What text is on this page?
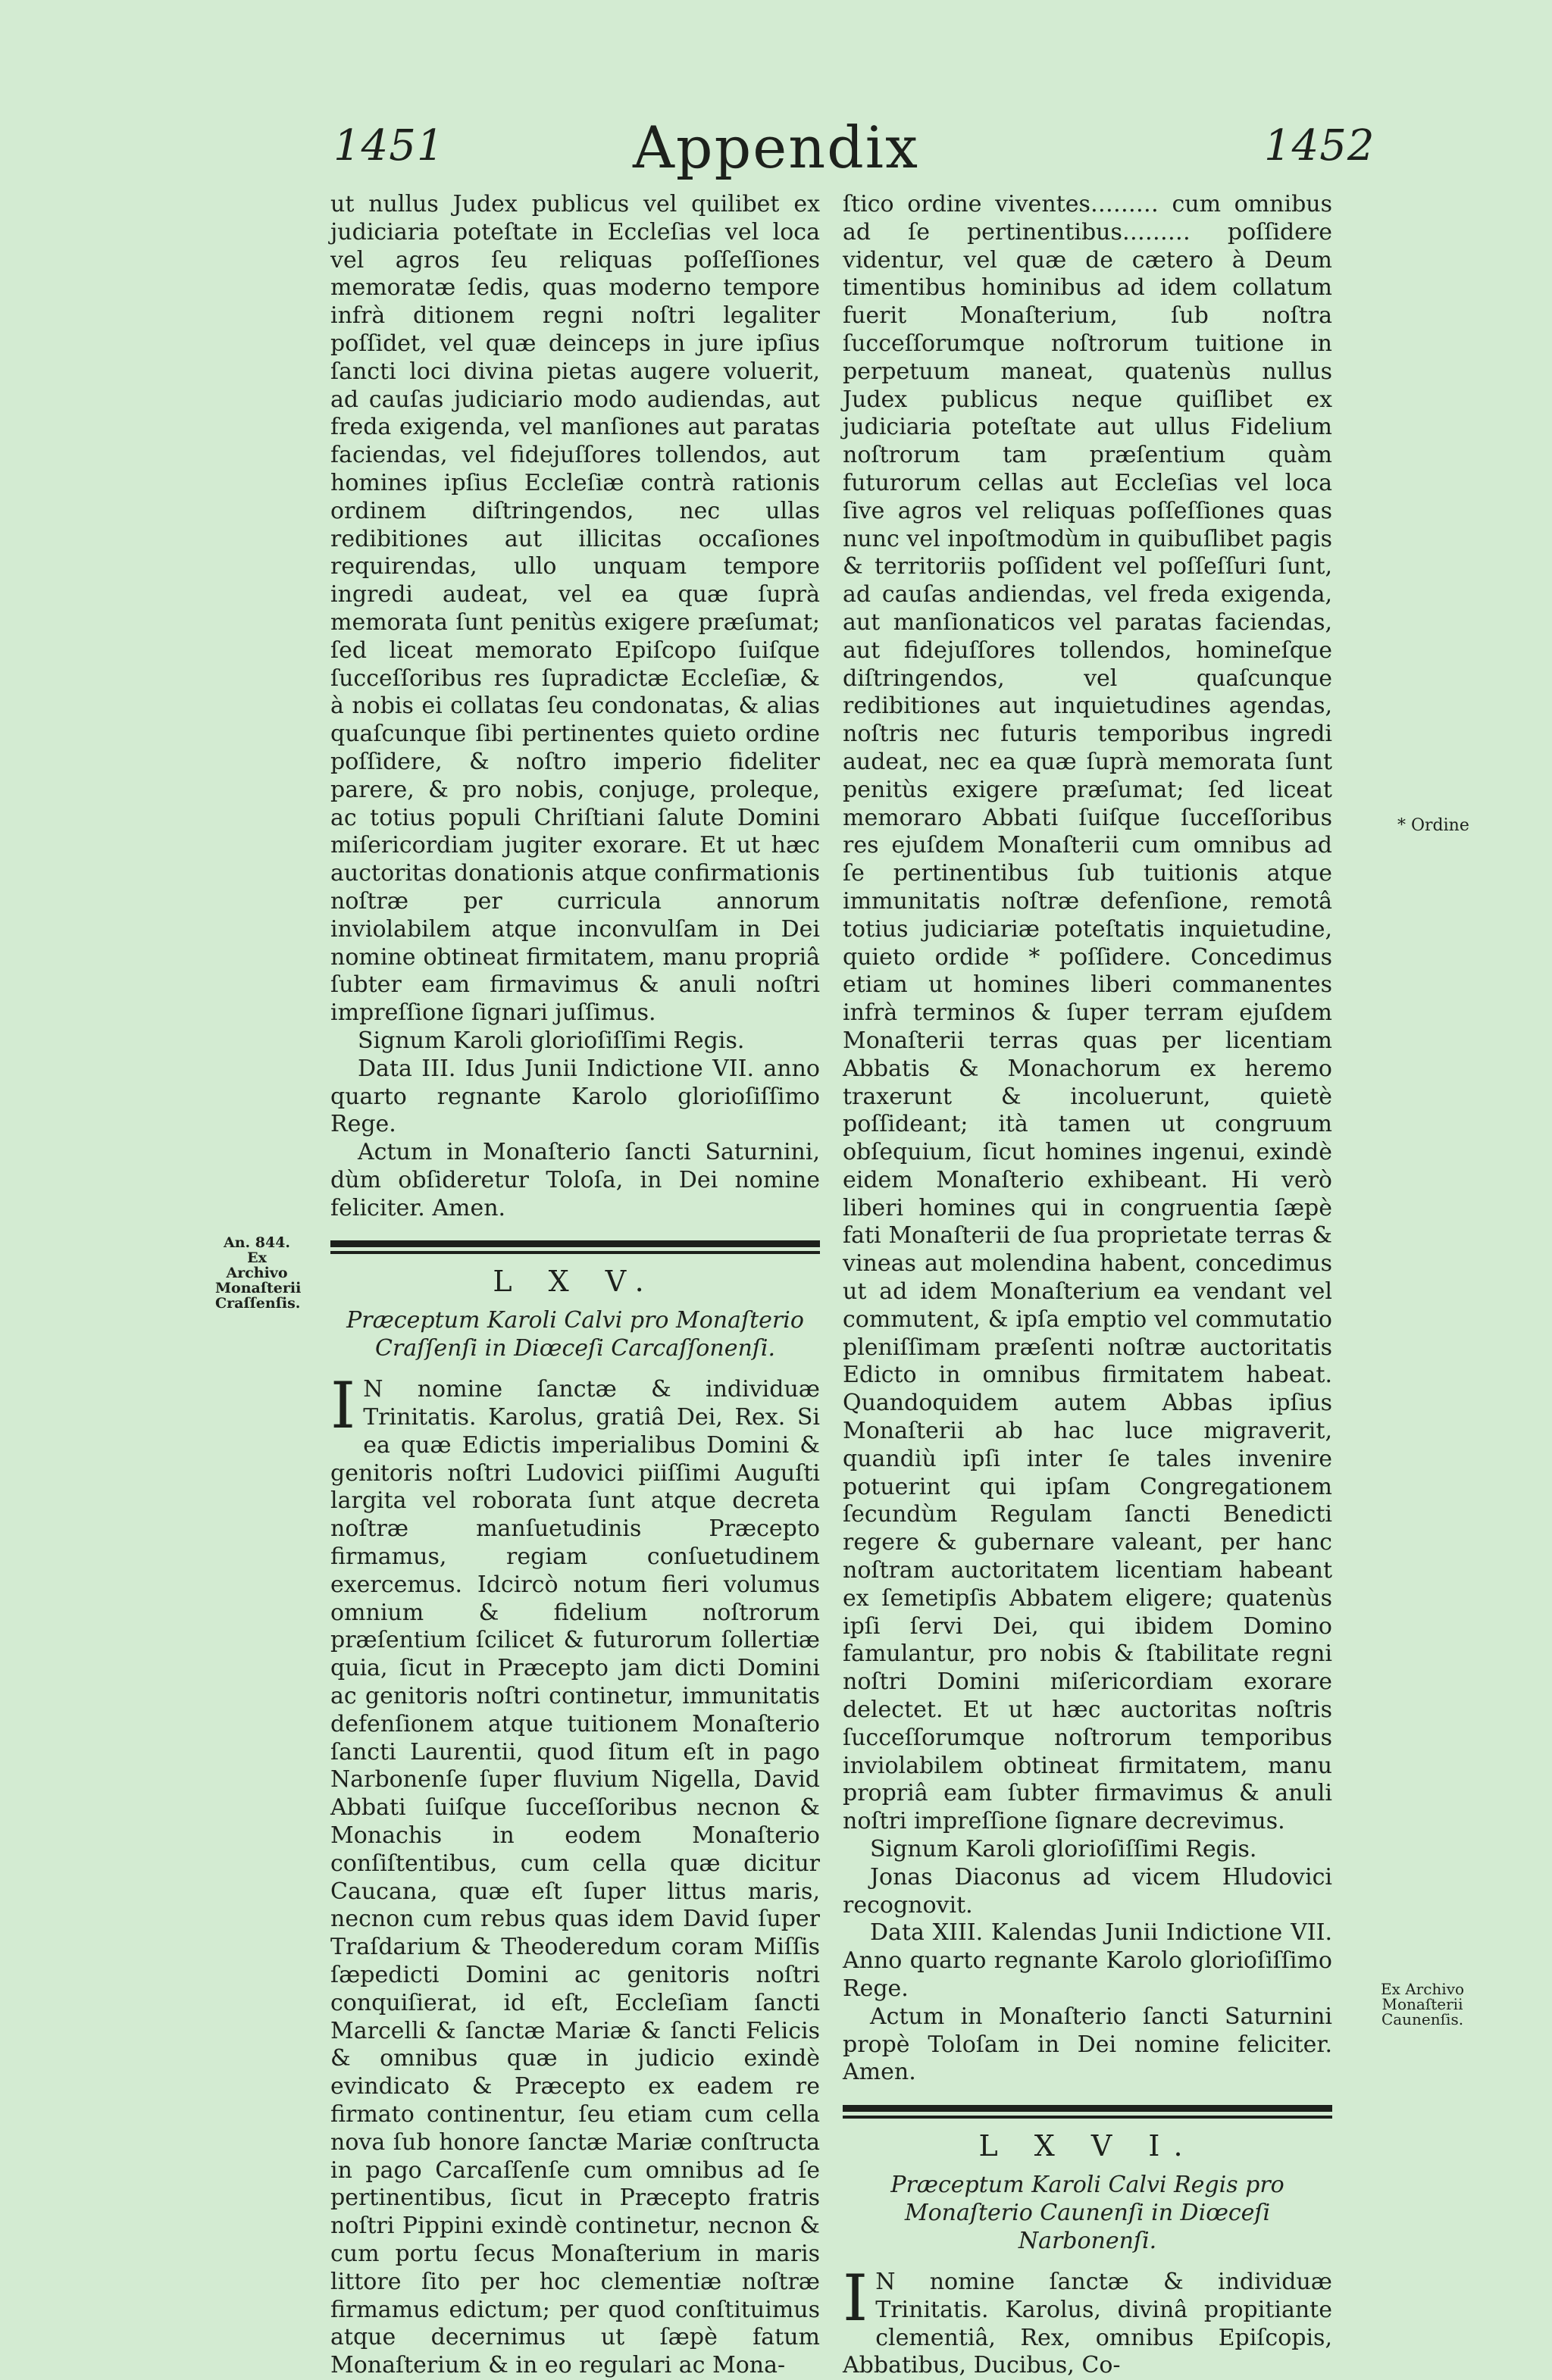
1451	Appendix	1452

ut nullus Judex publicus vel quilibet ex judiciaria poteſtate in Eccleſias vel loca vel agros ſeu reliquas poſſeſſiones memoratæ ſedis, quas moderno tempore infrà ditionem regni noſtri legaliter poſſidet, vel quæ deinceps in jure ipſius ſancti loci divina pietas augere voluerit, ad cauſas judiciario modo audiendas, aut freda exigenda, vel manſiones aut paratas faciendas, vel fidejuſſores tollendos, aut homines ipſius Eccleſiæ contrà rationis ordinem diſtringendos, nec ullas redibitiones aut illicitas occaſiones requirendas, ullo unquam tempore ingredi audeat, vel ea quæ ſuprà memorata ſunt penitùs exigere præſumat; ſed liceat memorato Epiſcopo ſuiſque ſucceſſoribus res ſupradictæ Eccleſiæ, & à nobis ei collatas ſeu condonatas, & alias quaſcunque ſibi pertinentes quieto ordine poſſidere, & noſtro imperio fideliter parere, & pro nobis, conjuge, proleque, ac totius populi Chriſtiani ſalute Domini miſericordiam jugiter exorare. Et ut hæc auctoritas donationis atque confirmationis noſtræ per curricula annorum inviolabilem atque inconvulſam in Dei nomine obtineat firmitatem, manu propriâ ſubter eam firmavimus & anuli noſtri impreſſione ſignari juſſimus.

Signum Karoli glorioſiſſimi Regis.

Data III. Idus Junii Indictione VII. anno quarto regnante Karolo glorioſiſſimo Rege.

Actum in Monaſterio ſancti Saturnini, dùm obſideretur Toloſa, in Dei nomine feliciter. Amen.

L X V.
Præceptum Karoli Calvi pro Monaſterio Craſſenſi in Diœceſi Carcaſſonenſi.

I N nomine ſanctæ & individuæ Trinitatis. Karolus, gratiâ Dei, Rex. Si ea quæ Edictis imperialibus Domini & genitoris noſtri Ludovici piiſſimi Auguſti largita vel roborata ſunt atque decreta noſtræ manſuetudinis Præcepto firmamus, regiam conſuetudinem exercemus. Idcircò notum fieri volumus omnium & fidelium noſtrorum præſentium ſcilicet & futurorum ſollertiæ quia, ſicut in Præcepto jam dicti Domini ac genitoris noſtri continetur, immunitatis defenſionem atque tuitionem Monaſterio ſancti Laurentii, quod ſitum eſt in pago Narbonenſe ſuper fluvium Nigella, David Abbati ſuiſque ſucceſſoribus necnon & Monachis in eodem Monaſterio conſiſtentibus, cum cella quæ dicitur Caucana, quæ eſt ſuper littus maris, necnon cum rebus quas idem David ſuper Traſdarium & Theoderedum coram Miſſis ſæpedicti Domini ac genitoris noſtri conquiſierat, id eſt, Eccleſiam ſancti Marcelli & ſanctæ Mariæ & ſancti Felicis & omnibus quæ in judicio exindè evindicato & Præcepto ex eadem re firmato continentur, ſeu etiam cum cella nova ſub honore ſanctæ Mariæ conſtructa in pago Carcaſſenſe cum omnibus ad ſe pertinentibus, ſicut in Præcepto fratris noſtri Pippini exindè continetur, necnon & cum portu ſecus Monaſterium in maris littore ſito per hoc clementiæ noſtræ firmamus edictum; per quod conſtituimus atque decernimus ut ſæpè fatum Monaſterium & in eo regulari ac Mona-

ſtico ordine viventes……… cum omnibus ad ſe pertinentibus……… poſſidere videntur, vel quæ de cætero à Deum timentibus hominibus ad idem collatum fuerit Monaſterium, ſub noſtra ſucceſſorumque noſtrorum tuitione in perpetuum maneat, quatenùs nullus Judex publicus neque quiſlibet ex judiciaria poteſtate aut ullus Fidelium noſtrorum tam præſentium quàm futurorum cellas aut Eccleſias vel loca ſive agros vel reliquas poſſeſſiones quas nunc vel inpoſtmodùm in quibuſlibet pagis & territoriis poſſident vel poſſeſſuri ſunt, ad cauſas andiendas, vel freda exigenda, aut manſionaticos vel paratas faciendas, aut fidejuſſores tollendos, homineſque diſtringendos, vel quaſcunque redibitiones aut inquietudines agendas, noſtris nec futuris temporibus ingredi audeat, nec ea quæ ſuprà memorata ſunt penitùs exigere præſumat; ſed liceat memoraro Abbati ſuiſque ſucceſſoribus res ejuſdem Monaſterii cum omnibus ad ſe pertinentibus ſub tuitionis atque immunitatis noſtræ defenſione, remotâ totius judiciariæ poteſtatis inquietudine, quieto ordide * poſſidere. Concedimus etiam ut homines liberi commanentes infrà terminos & ſuper terram ejuſdem Monaſterii terras quas per licentiam Abbatis & Monachorum ex heremo traxerunt & incoluerunt, quietè poſſideant; ità tamen ut congruum obſequium, ſicut homines ingenui, exindè eidem Monaſterio exhibeant. Hi verò liberi homines qui in congruentia ſæpè fati Monaſterii de ſua proprietate terras & vineas aut molendina habent, concedimus ut ad idem Monaſterium ea vendant vel commutent, & ipſa emptio vel commutatio pleniſſimam præſenti noſtræ auctoritatis Edicto in omnibus firmitatem habeat. Quandoquidem autem Abbas ipſius Monaſterii ab hac luce migraverit, quandiù ipſi inter ſe tales invenire potuerint qui ipſam Congregationem ſecundùm Regulam ſancti Benedicti regere & gubernare valeant, per hanc noſtram auctoritatem licentiam habeant ex ſemetipſis Abbatem eligere; quatenùs ipſi ſervi Dei, qui ibidem Domino famulantur, pro nobis & ſtabilitate regni noſtri Domini miſericordiam exorare delectet. Et ut hæc auctoritas noſtris ſucceſſorumque noſtrorum temporibus inviolabilem obtineat firmitatem, manu propriâ eam ſubter firmavimus & anuli noſtri impreſſione ſignare decrevimus.

Signum Karoli glorioſiſſimi Regis.

Jonas Diaconus ad vicem Hludovici recognovit.

Data XIII. Kalendas Junii Indictione VII. Anno quarto regnante Karolo glorioſiſſimo Rege.

Actum in Monaſterio ſancti Saturnini propè Toloſam in Dei nomine feliciter. Amen.

L X V I.
Præceptum Karoli Calvi Regis pro Monaſterio Caunenſi in Diœceſi Narbonenſi.

I N nomine ſanctæ & individuæ Trinitatis. Karolus, divinâ propitiante clementiâ, Rex, omnibus Epiſcopis, Abbatibus, Ducibus, Co-

An. 844. Ex Archivo Monaſterii Craſſenſis.
* Ordine
Ex Archivo Monaſterii Caunenſis.
